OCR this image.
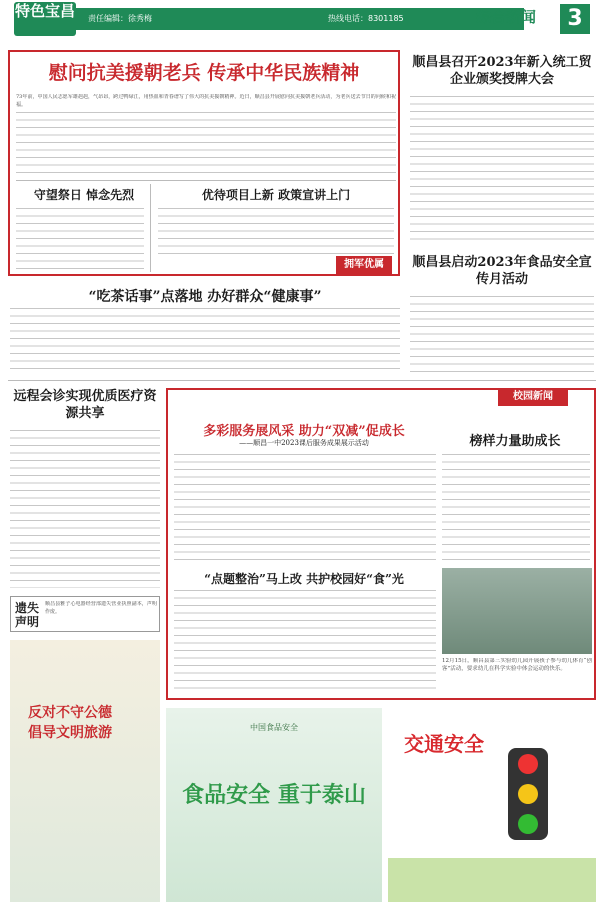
特色宝昌	责任编辑：徐秀梅	热线电话：8301185	综合新闻	3
慰问抗美援朝老兵 传承中华民族精神
73年前，中国人民志愿军雄赳赳，气昂昂，跨过鸭绿江，用热血和青春谱写了伟大的抗美援朝精神。近日，顺昌县开展慰问抗美援朝老兵活动，为老兵送去节日的问候和祝福。
守望祭日 悼念先烈	优待项目上新 政策宣讲上门
拥军优属
顺昌县召开2023年新入统工贸企业颁奖授牌大会
顺昌县启动2023年食品安全宣传月活动
“吃茶话事”点落地 办好群众“健康事”
远程会诊实现优质医疗资源共享
校园新闻
多彩服务展风采 助力“双减”促成长
——顺昌一中2023课后服务成果展示活动	榜样力量助成长
“点题整治”马上改 共护校园好“食”光
12月15日，顺昌县第三实验幼儿园开展孩子参与幼儿体育“创客”活动，要求幼儿在科学实验中体会运动的快乐。
遗失声明
顺昌县雅子心电器经营部遗失营业执照副本，声明作废。
反对不守公德
倡导文明旅游
食品安全 重于泰山
中国食品安全
交通安全
